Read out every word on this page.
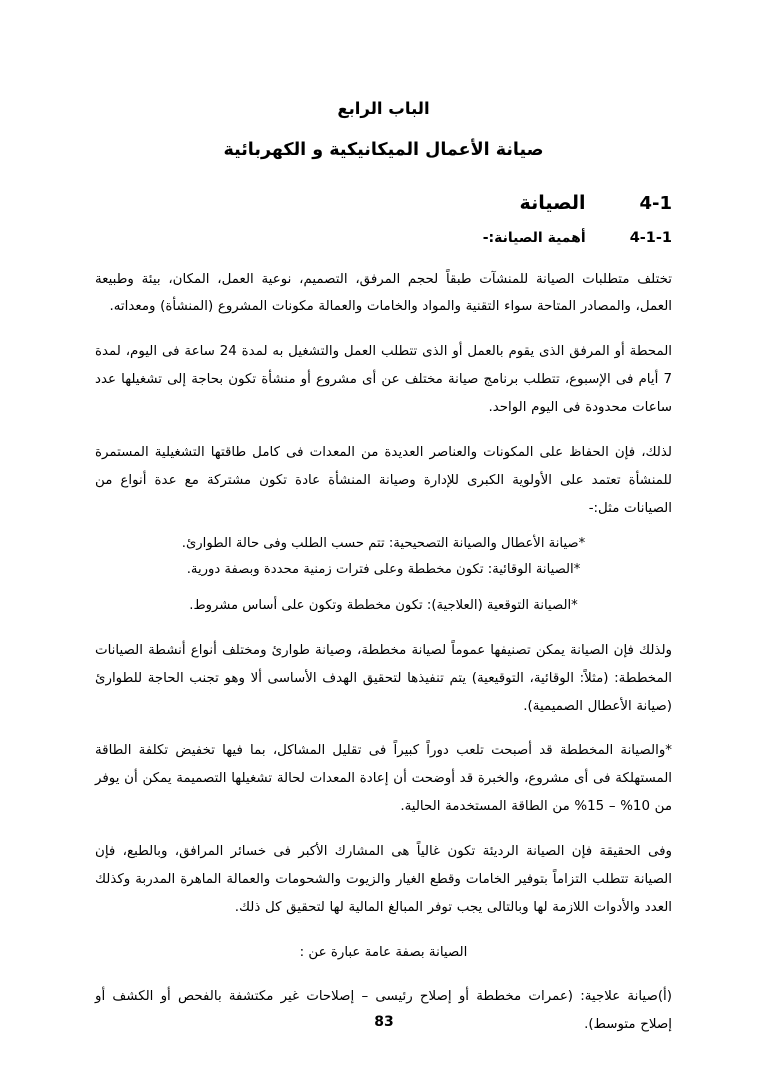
الباب الرابع
صيانة الأعمال الميكانيكية و الكهربائية
4-1
الصيانة
4-1-1
أهمية الصيانة:-

تختلف متطلبات الصيانة للمنشآت طبقاً لحجم المرفق، التصميم، نوعية العمل، المكان، بيئة وطبيعة العمل، والمصادر المتاحة سواء التقنية والمواد والخامات والعمالة مكونات المشروع (المنشأة) ومعداته.

المحطة أو المرفق الذى يقوم بالعمل أو الذى تتطلب العمل والتشغيل به لمدة 24 ساعة فى اليوم، لمدة 7 أيام فى الإسبوع، تتطلب برنامج صيانة مختلف عن أى مشروع أو منشأة تكون بحاجة إلى تشغيلها عدد ساعات محدودة فى اليوم الواحد.

لذلك، فإن الحفاظ على المكونات والعناصر العديدة من المعدات فى كامل طاقتها التشغيلية المستمرة للمنشأة تعتمد على الأولوية الكبرى للإدارة وصيانة المنشأة عادة تكون مشتركة مع عدة أنواع من الصيانات مثل:-

*صيانة الأعطال والصيانة التصحيحية: تتم حسب الطلب وفى حالة الطوارئ.
*الصيانة الوقائية: تكون مخططة وعلى فترات زمنية محددة وبصفة دورية.
*الصيانة التوقعية (العلاجية): تكون مخططة وتكون على أساس مشروط.

ولذلك فإن الصيانة يمكن تصنيفها عموماً لصيانة مخططة، وصيانة طوارئ ومختلف أنواع أنشطة الصيانات المخططة: (مثلاً: الوقائية، التوقيعية) يتم تنفيذها لتحقيق الهدف الأساسى ألا وهو تجنب الحاجة للطوارئ (صيانة الأعطال الصميمية).

*والصيانة المخططة قد أصبحت تلعب دوراً كبيراً فى تقليل المشاكل، بما فيها تخفيض تكلفة الطاقة المستهلكة فى أى مشروع، والخبرة قد أوضحت أن إعادة المعدات لحالة تشغيلها التصميمة يمكن أن يوفر من 10% – 15% من الطاقة المستخدمة الحالية.

وفى الحقيقة فإن الصيانة الرديئة تكون غالياً هى المشارك الأكبر فى خسائر المرافق، وبالطبع، فإن الصيانة تتطلب التزاماً بتوفير الخامات وقطع الغيار والزيوت والشحومات والعمالة الماهرة المدربة وكذلك العدد والأدوات اللازمة لها وبالتالى يجب توفر المبالغ المالية لها لتحقيق كل ذلك.

الصيانة بصفة عامة عبارة عن :

(أ)صيانة علاجية: (عمرات مخططة أو إصلاح رئيسى – إصلاحات غير مكتشفة بالفحص أو الكشف أو إصلاح متوسط).

83
